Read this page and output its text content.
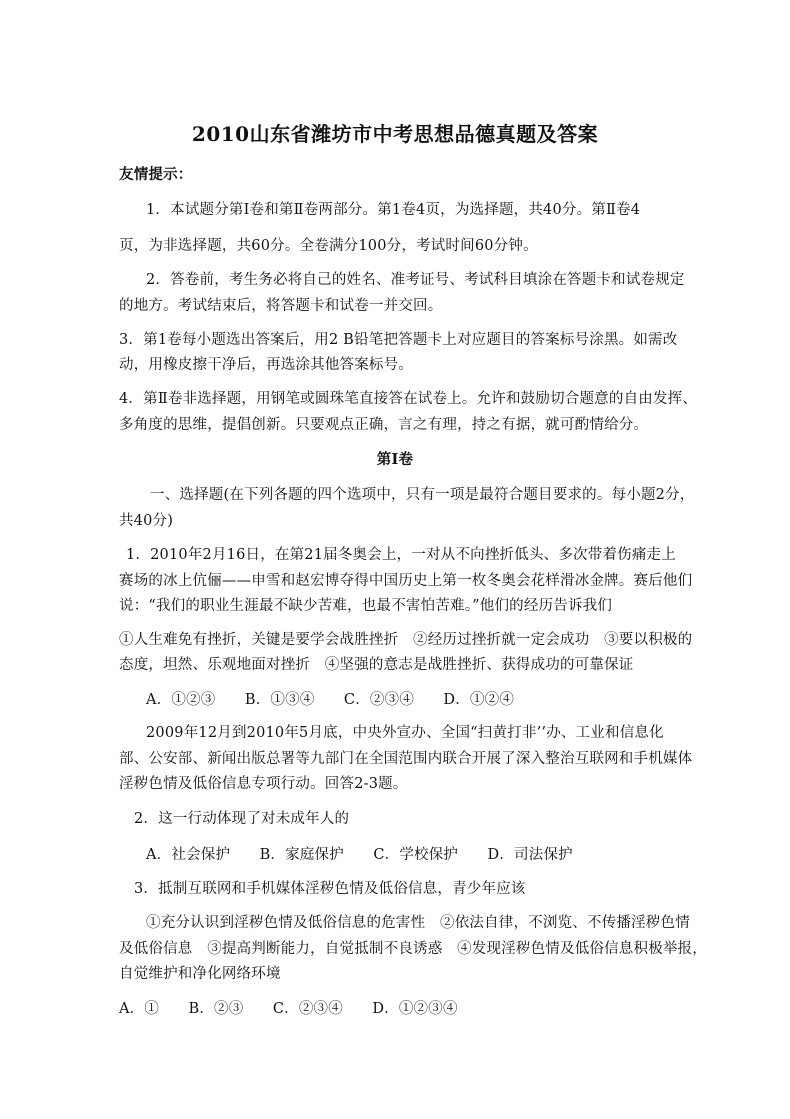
2010山东省潍坊市中考思想品德真题及答案
友情提示：
1．本试题分第Ⅰ卷和第Ⅱ卷两部分。第1卷4页，为选择题，共40分。第Ⅱ卷4
页，为非选择题，共60分。全卷满分100分，考试时间60分钟。
2．答卷前，考生务必将自己的姓名、准考证号、考试科目填涂在答题卡和试卷规定
的地方。考试结束后，将答题卡和试卷一并交回。
3．第1卷每小题选出答案后，用2 B铅笔把答题卡上对应题目的答案标号涂黑。如需改
动，用橡皮擦干净后，再选涂其他答案标号。
4．第Ⅱ卷非选择题，用钢笔或圆珠笔直接答在试卷上。允许和鼓励切合题意的自由发挥、
多角度的思维，提倡创新。只要观点正确，言之有理，持之有据，就可酌情给分。
第Ⅰ卷
一、选择题(在下列各题的四个选项中，只有一项是最符合题目要求的。每小题2分，
共40分)
1．2010年2月16日，在第21届冬奥会上，一对从不向挫折低头、多次带着伤痛走上
赛场的冰上伉俪——申雪和赵宏博夺得中国历史上第一枚冬奥会花样滑冰金牌。赛后他们
说：“我们的职业生涯最不缺少苦难，也最不害怕苦难。”他们的经历告诉我们
①人生难免有挫折，关键是要学会战胜挫折　②经历过挫折就一定会成功　③要以积极的
态度，坦然、乐观地面对挫折　④坚强的意志是战胜挫折、获得成功的可靠保证
A．①②③　　B．①③④　　C．②③④　　D．①②④
2009年12月到2010年5月底，中央外宣办、全国“扫黄打非’’办、工业和信息化
部、公安部、新闻出版总署等九部门在全国范围内联合开展了深入整治互联网和手机媒体
淫秽色情及低俗信息专项行动。回答2-3题。
2．这一行动体现了对未成年人的
A．社会保护　　B．家庭保护　　C．学校保护　　D．司法保护
3．抵制互联网和手机媒体淫秽色情及低俗信息，青少年应该
①充分认识到淫秽色情及低俗信息的危害性　②依法自律，不浏览、不传播淫秽色情
及低俗信息　③提高判断能力，自觉抵制不良诱惑　④发现淫秽色情及低俗信息积极举报，
自觉维护和净化网络环境
A．①　　B．②③　　C．②③④　　D．①②③④
